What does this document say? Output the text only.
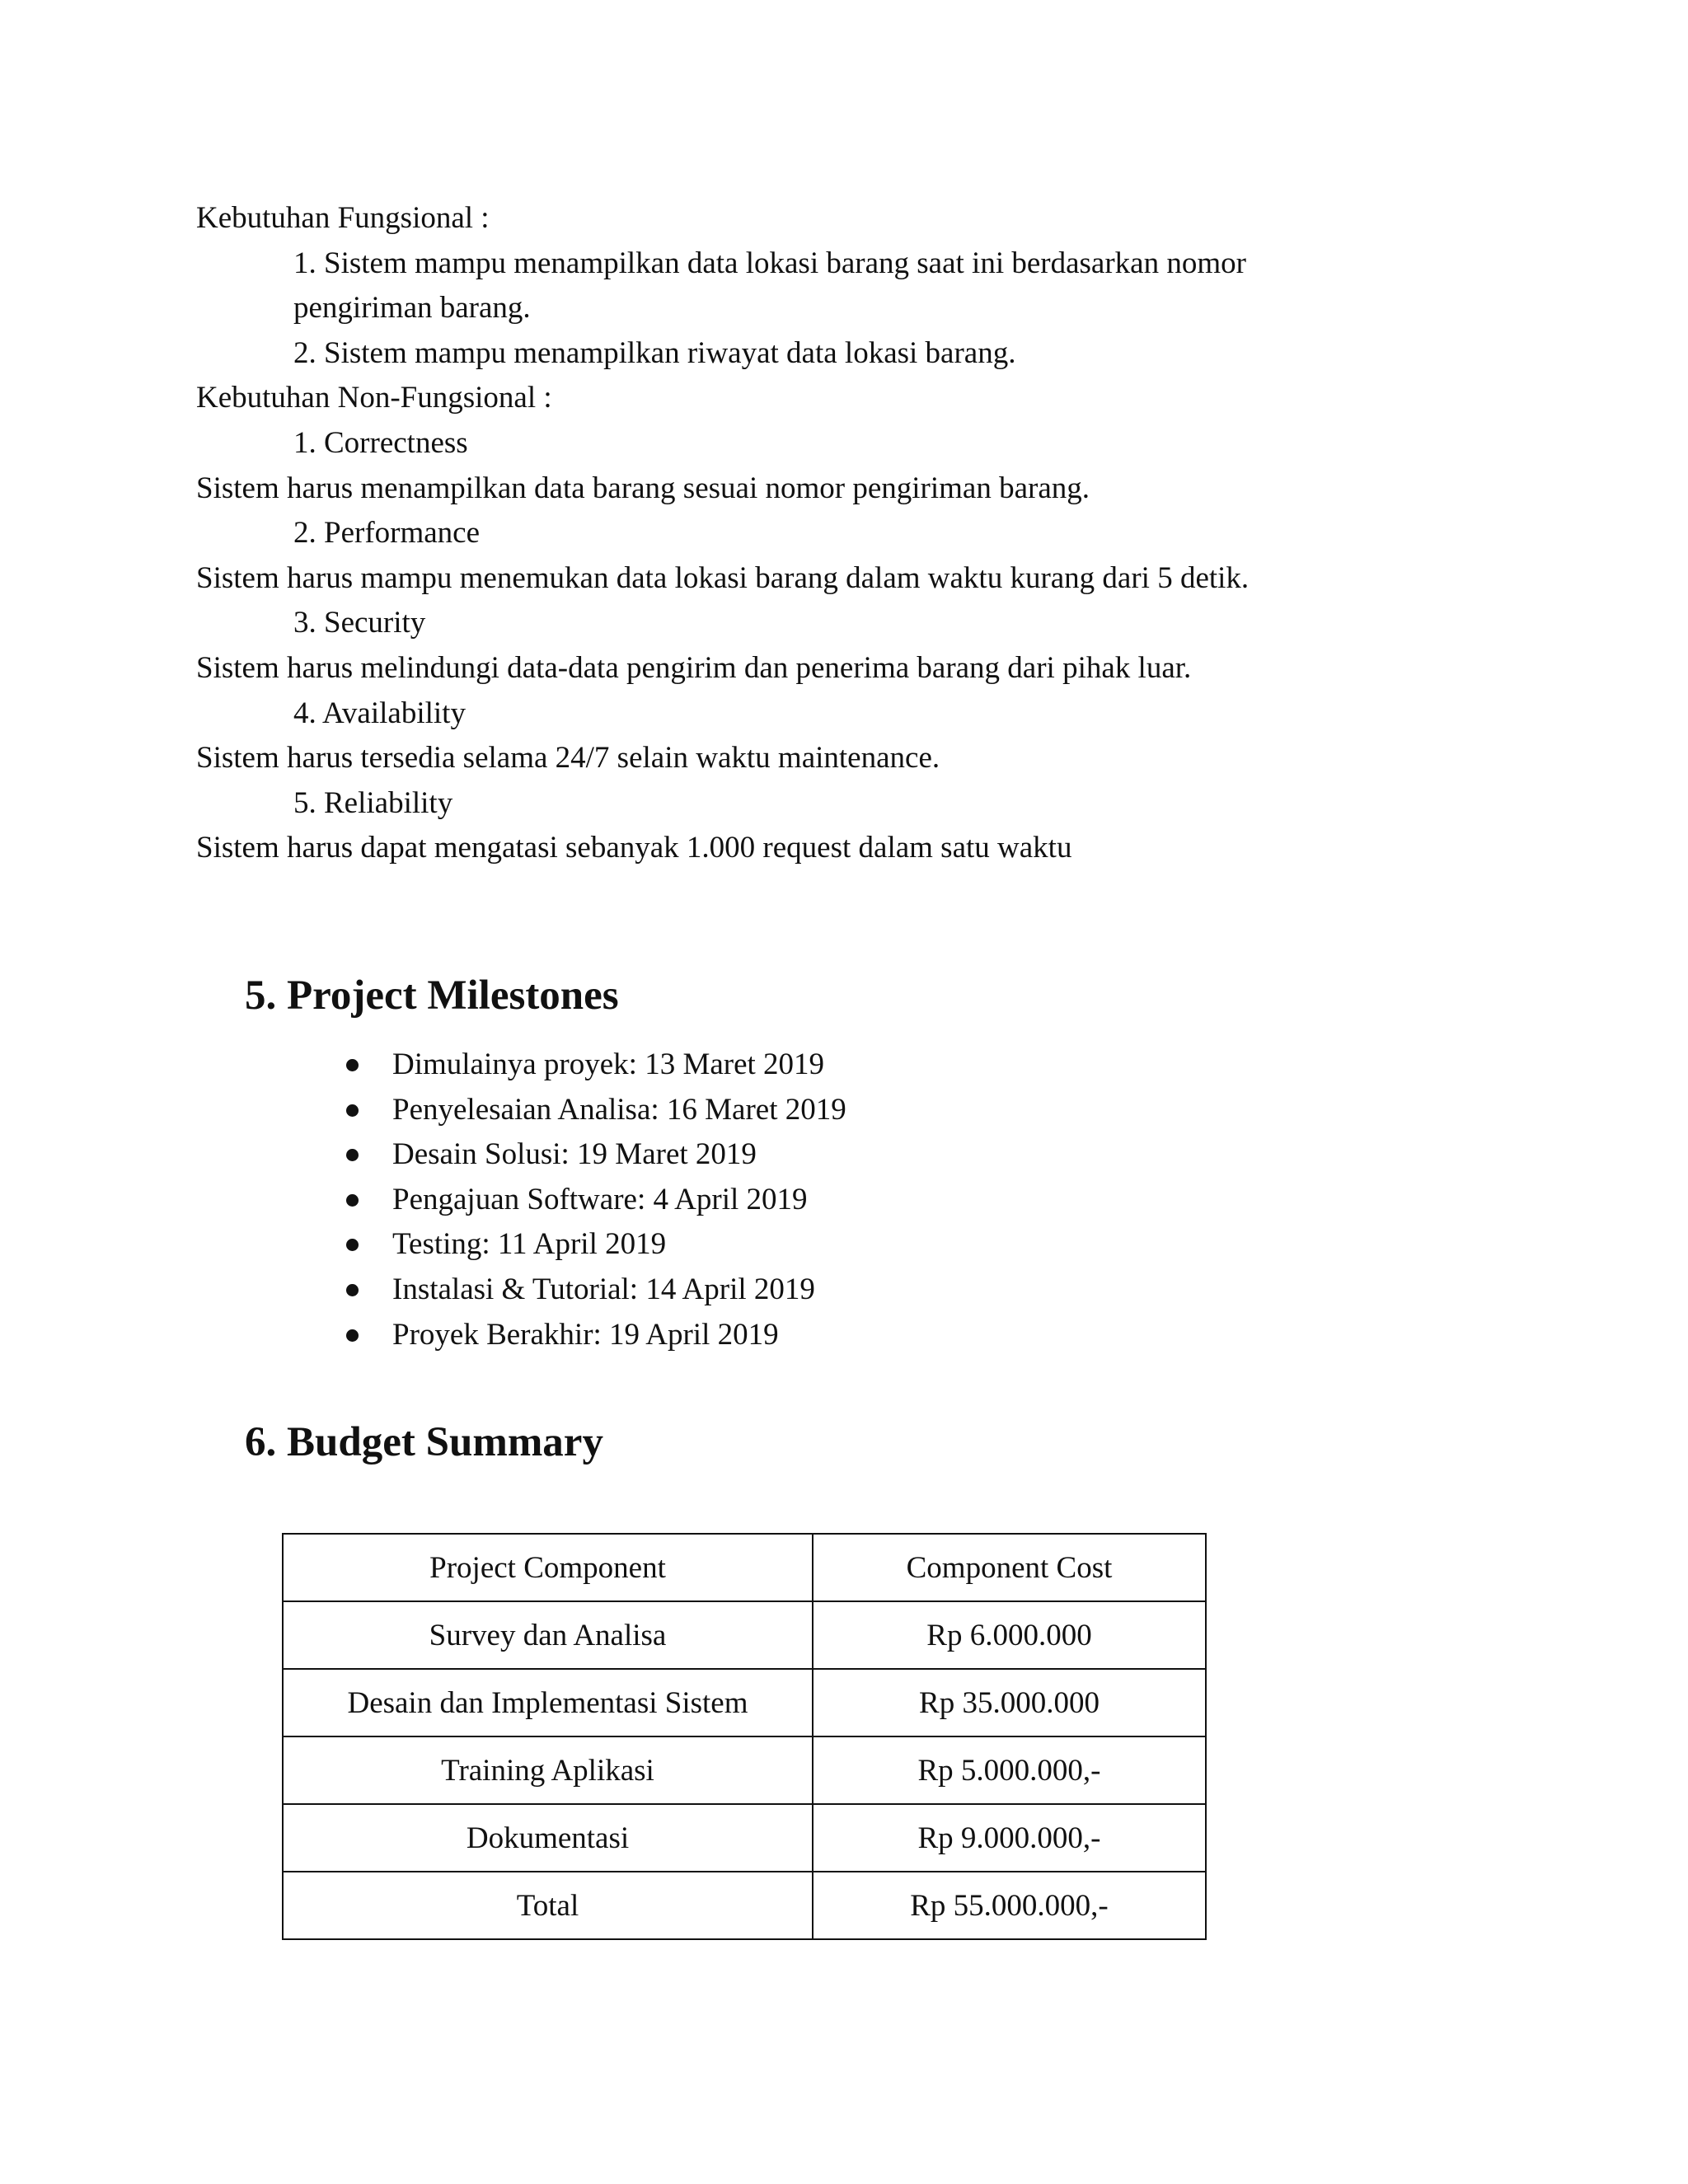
Kebutuhan Fungsional :
1. Sistem mampu menampilkan data lokasi barang saat ini berdasarkan nomor pengiriman barang.
2. Sistem mampu menampilkan riwayat data lokasi barang.
Kebutuhan Non-Fungsional :
1. Correctness
Sistem harus menampilkan data barang sesuai nomor pengiriman barang.
2. Performance
Sistem harus mampu menemukan data lokasi barang dalam waktu kurang dari 5 detik.
3. Security
Sistem harus melindungi data-data pengirim dan penerima barang dari pihak luar.
4. Availability
Sistem harus tersedia selama 24/7 selain waktu maintenance.
5. Reliability
Sistem harus dapat mengatasi sebanyak 1.000 request dalam satu waktu
5. Project Milestones
Dimulainya proyek: 13 Maret 2019
Penyelesaian Analisa: 16 Maret 2019
Desain Solusi: 19 Maret 2019
Pengajuan Software: 4 April 2019
Testing: 11 April 2019
Instalasi & Tutorial: 14 April 2019
Proyek Berakhir: 19 April 2019
6. Budget Summary
Project Component	Component Cost
Survey dan Analisa	Rp 6.000.000
Desain dan Implementasi Sistem	Rp 35.000.000
Training Aplikasi	Rp 5.000.000,-
Dokumentasi	Rp 9.000.000,-
Total	Rp 55.000.000,-
